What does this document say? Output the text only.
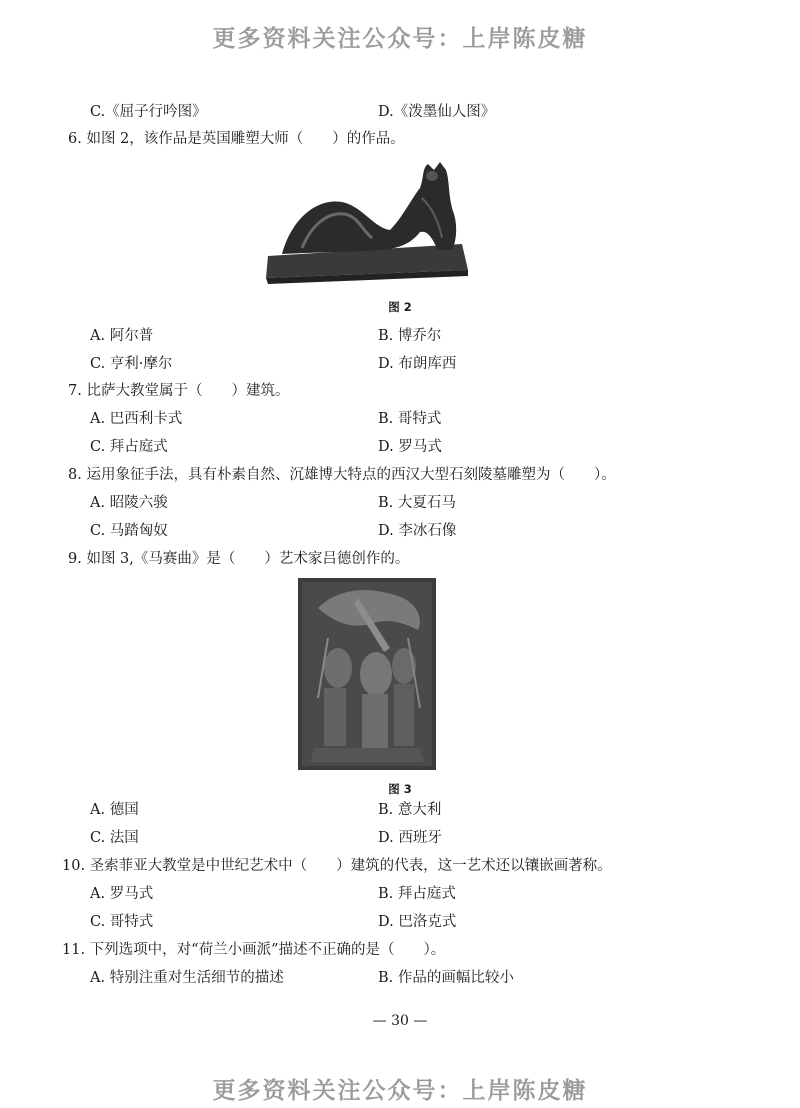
更多资料关注公众号：上岸陈皮糖
C.《屈子行吟图》	D.《泼墨仙人图》
6. 如图 2，该作品是英国雕塑大师（　　）的作品。
图 2
A. 阿尔普	B. 博乔尔
C. 亨利·摩尔	D. 布朗库西
7. 比萨大教堂属于（　　）建筑。
A. 巴西利卡式	B. 哥特式
C. 拜占庭式	D. 罗马式
8. 运用象征手法，具有朴素自然、沉雄博大特点的西汉大型石刻陵墓雕塑为（　　）。
A. 昭陵六骏	B. 大夏石马
C. 马踏匈奴	D. 李冰石像
9. 如图 3,《马赛曲》是（　　）艺术家吕德创作的。
图 3
A. 德国	B. 意大利
C. 法国	D. 西班牙
10. 圣索菲亚大教堂是中世纪艺术中（　　）建筑的代表，这一艺术还以镶嵌画著称。
A. 罗马式	B. 拜占庭式
C. 哥特式	D. 巴洛克式
11. 下列选项中，对“荷兰小画派”描述不正确的是（　　）。
A. 特别注重对生活细节的描述	B. 作品的画幅比较小
— 30 —
更多资料关注公众号：上岸陈皮糖
